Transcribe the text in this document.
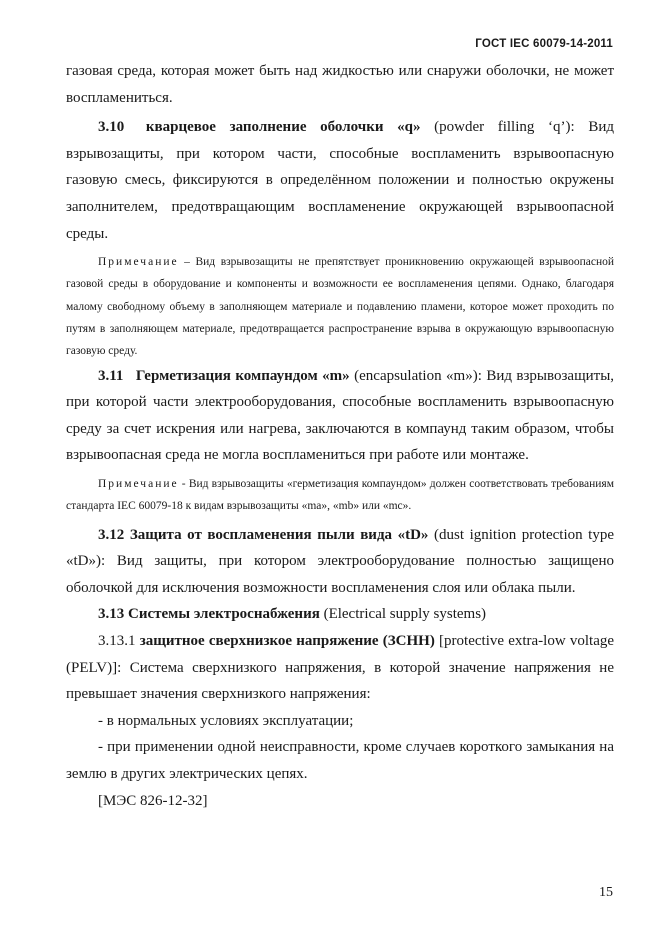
ГОСТ IEC 60079-14-2011

газовая среда, которая может быть над жидкостью или снаружи оболочки, не может воспламениться.

3.10 кварцевое заполнение оболочки «q» (powder filling ‘q’): Вид взрывозащиты, при котором части, способные воспламенить взрывоопасную газовую смесь, фиксируются в определённом положении и полностью окружены заполнителем, предотвращающим воспламенение окружающей взрывоопасной среды.

Примечание – Вид взрывозащиты не препятствует проникновению окружающей взрывоопасной газовой среды в оборудование и компоненты и возможности ее воспламенения цепями. Однако, благодаря малому свободному объему в заполняющем материале и подавлению пламени, которое может проходить по путям в заполняющем материале, предотвращается распространение взрыва в окружающую взрывоопасную газовую среду.

3.11 Герметизация компаундом «m» (encapsulation «m»): Вид взрывозащиты, при которой части электрооборудования, способные воспламенить взрывоопасную среду за счет искрения или нагрева, заключаются в компаунд таким образом, чтобы взрывоопасная среда не могла воспламениться при работе или монтаже.

Примечание - Вид взрывозащиты «герметизация компаундом» должен соответствовать требованиям стандарта IEC 60079-18 к видам взрывозащиты «ma», «mb» или «mc».

3.12 Защита от воспламенения пыли вида «tD» (dust ignition protection type «tD»): Вид защиты, при котором электрооборудование полностью защищено оболочкой для исключения возможности воспламенения слоя или облака пыли.

3.13 Системы электроснабжения (Electrical supply systems)

3.13.1 защитное сверхнизкое напряжение (ЗСНН) [protective extra-low voltage (PELV)]: Система сверхнизкого напряжения, в которой значение напряжения не превышает значения сверхнизкого напряжения:

- в нормальных условиях эксплуатации;

- при применении одной неисправности, кроме случаев короткого замыкания на землю в других электрических цепях.

[МЭС 826-12-32]

15
